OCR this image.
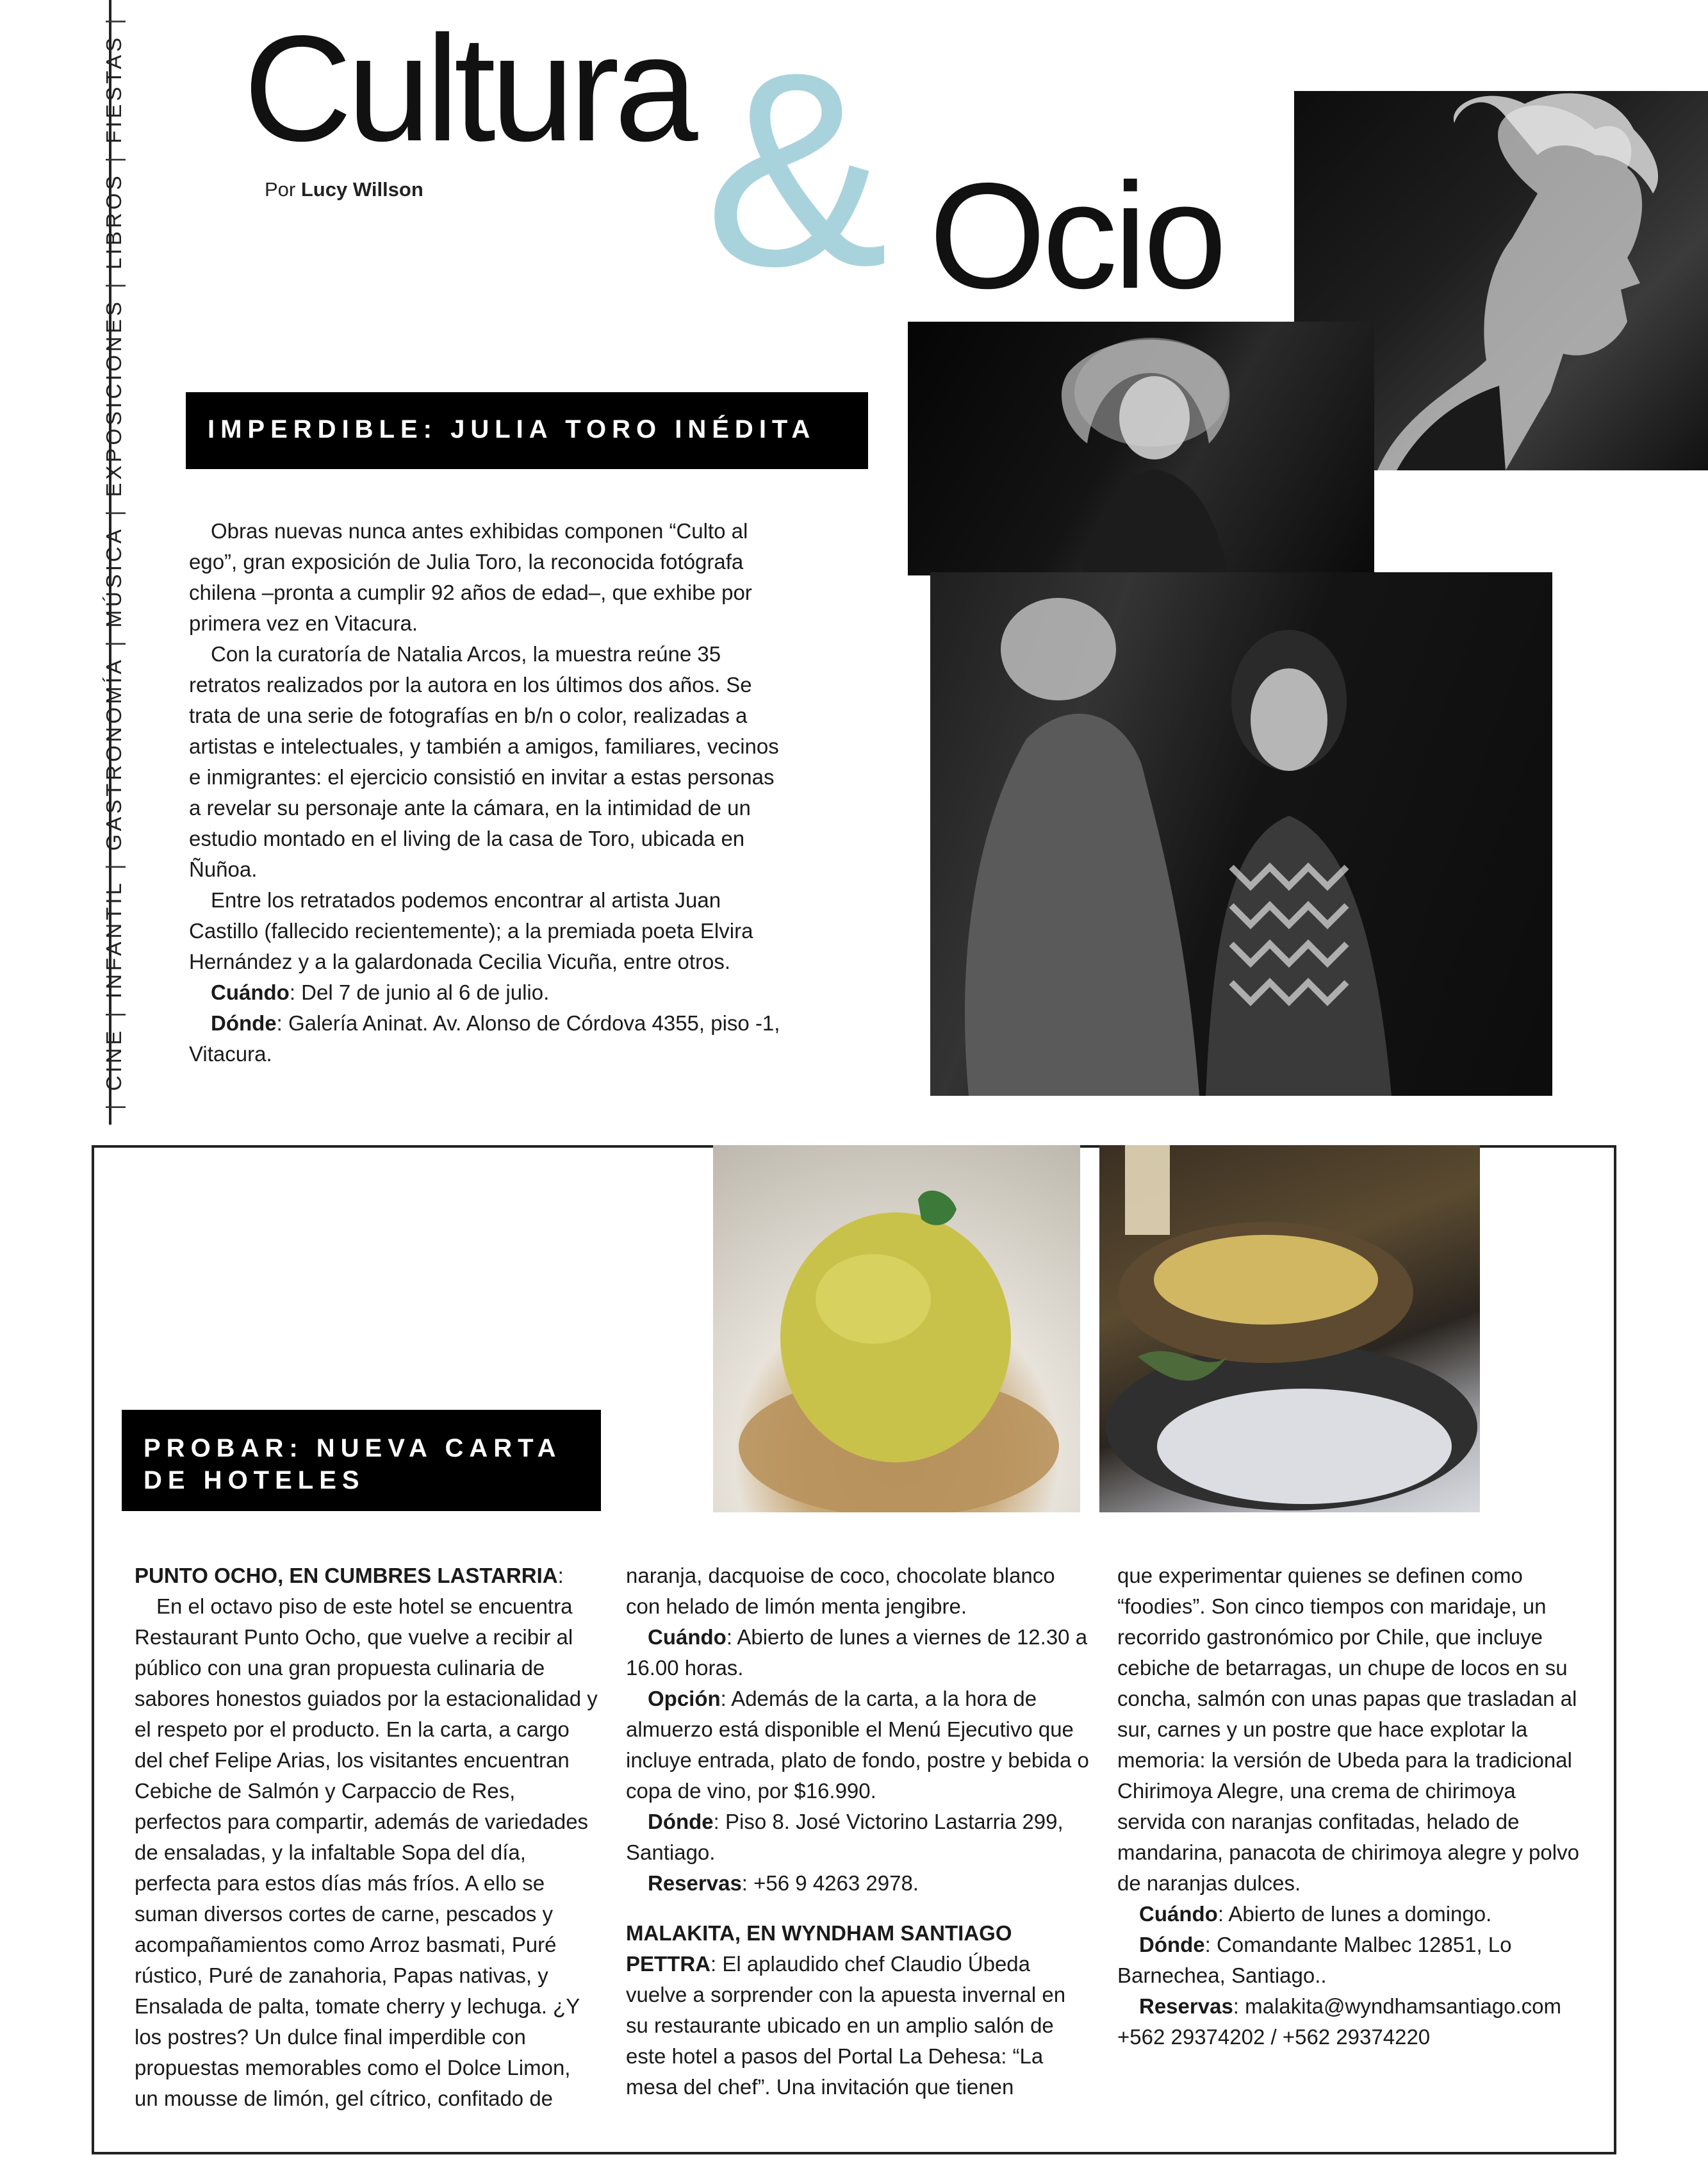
|
CINE
|
INFANTIL
|
GASTRONOMÍA
|
MÚSICA
|
EXPOSICIONES
|
LIBROS
|
FIESTAS
| &
Cultura
Ocio
Por Lucy Willson
IMPERDIBLE: JULIA TORO INÉDITA

Obras nuevas nunca antes exhibidas componen “Culto al ego”, gran exposición de Julia Toro, la reconocida fotógrafa chilena –pronta a cumplir 92 años de edad–, que exhibe por primera vez en Vitacura.

Con la curatoría de Natalia Arcos, la muestra reúne 35 retratos realizados por la autora en los últimos dos años. Se trata de una serie de fotografías en b/n o color, realizadas a artistas e intelectuales, y también a amigos, familiares, vecinos e inmigrantes: el ejercicio consistió en invitar a estas personas a revelar su personaje ante la cámara, en la intimidad de un estudio montado en el living de la casa de Toro, ubicada en Ñuñoa.

Entre los retratados podemos encontrar al artista Juan Castillo (fallecido recientemente); a la premiada poeta Elvira Hernández y a la galardonada Cecilia Vicuña, entre otros.

Cuándo: Del 7 de junio al 6 de julio.

Dónde: Galería Aninat. Av. Alonso de Córdova 4355, piso -1, Vitacura.

PROBAR: NUEVA CARTA
DE HOTELES

PUNTO OCHO, EN CUMBRES LASTARRIA:

En el octavo piso de este hotel se encuentra Restaurant Punto Ocho, que vuelve a recibir al público con una gran propuesta culinaria de sabores honestos guiados por la estacionalidad y el respeto por el producto. En la carta, a cargo del chef Felipe Arias, los visitantes encuentran Cebiche de Salmón y Carpaccio de Res, perfectos para compartir, además de variedades de ensaladas, y la infaltable Sopa del día, perfecta para estos días más fríos. A ello se suman diversos cortes de carne, pescados y acompañamientos como Arroz basmati, Puré rústico, Puré de zanahoria, Papas nativas, y Ensalada de palta, tomate cherry y lechuga. ¿Y los postres? Un dulce final imperdible con propuestas memorables como el Dolce Limon, un mousse de limón, gel cítrico, confitado de

naranja, dacquoise de coco, chocolate blanco con helado de limón menta jengibre.

Cuándo: Abierto de lunes a viernes de 12.30 a 16.00 horas.

Opción: Además de la carta, a la hora de almuerzo está disponible el Menú Ejecutivo que incluye entrada, plato de fondo, postre y bebida o copa de vino, por $16.990.

Dónde: Piso 8. José Victorino Lastarria 299, Santiago.

Reservas: +56 9 4263 2978.

MALAKITA, EN WYNDHAM SANTIAGO PETTRA: El aplaudido chef Claudio Úbeda vuelve a sorprender con la apuesta invernal en su restaurante ubicado en un amplio salón de este hotel a pasos del Portal La Dehesa: “La mesa del chef”. Una invitación que tienen

que experimentar quienes se definen como “foodies”. Son cinco tiempos con maridaje, un recorrido gastronómico por Chile, que incluye cebiche de betarragas, un chupe de locos en su concha, salmón con unas papas que trasladan al sur, carnes y un postre que hace explotar la memoria: la versión de Ubeda para la tradicional Chirimoya Alegre, una crema de chirimoya servida con naranjas confitadas, helado de mandarina, panacota de chirimoya alegre y polvo de naranjas dulces.

Cuándo: Abierto de lunes a domingo.

Dónde: Comandante Malbec 12851, Lo Barnechea, Santiago..

Reservas: malakita@wyndhamsantiago.com +562 29374202 / +562 29374220
